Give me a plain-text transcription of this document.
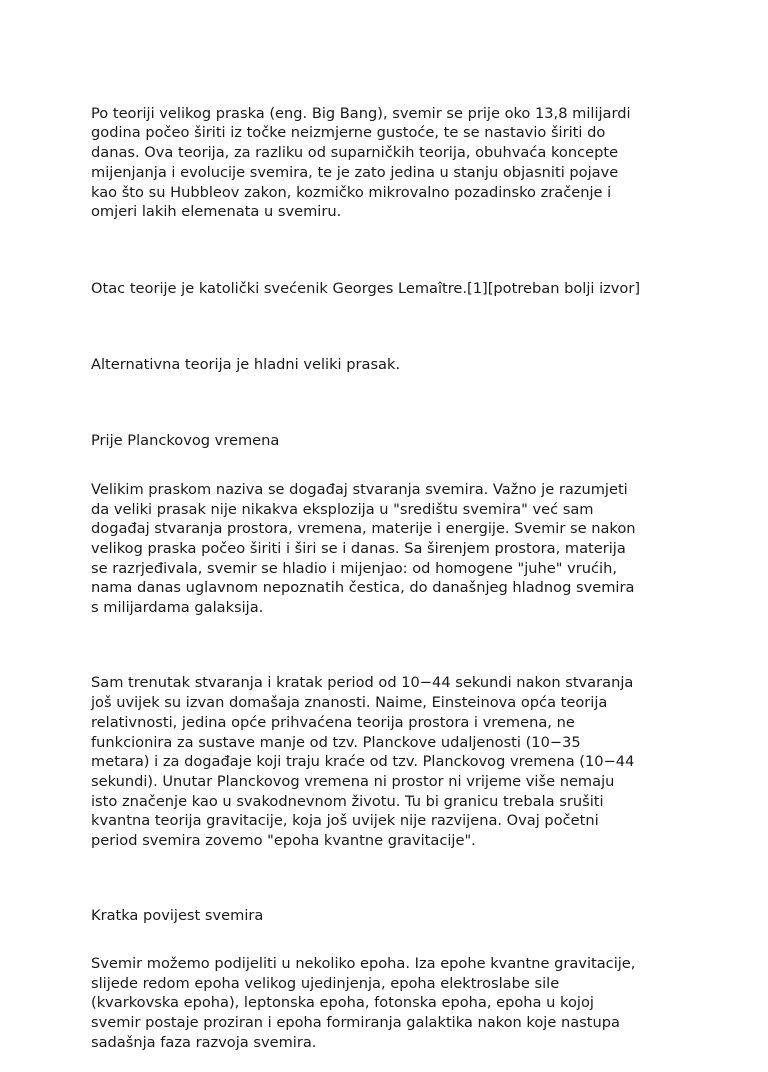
Po teoriji velikog praska (eng. Big Bang), svemir se prije oko 13,8 milijardi
godina počeo širiti iz točke neizmjerne gustoće, te se nastavio širiti do
danas. Ova teorija, za razliku od suparničkih teorija, obuhvaća koncepte
mijenjanja i evolucije svemira, te je zato jedina u stanju objasniti pojave
kao što su Hubbleov zakon, kozmičko mikrovalno pozadinsko zračenje i
omjeri lakih elemenata u svemiru.

Otac teorije je katolički svećenik Georges Lemaître.[1][potreban bolji izvor]

Alternativna teorija je hladni veliki prasak.

Prije Planckovog vremena

Velikim praskom naziva se događaj stvaranja svemira. Važno je razumjeti
da veliki prasak nije nikakva eksplozija u "središtu svemira" već sam
događaj stvaranja prostora, vremena, materije i energije. Svemir se nakon
velikog praska počeo širiti i širi se i danas. Sa širenjem prostora, materija
se razrjeđivala, svemir se hladio i mijenjao: od homogene "juhe" vrućih,
nama danas uglavnom nepoznatih čestica, do današnjeg hladnog svemira
s milijardama galaksija.

Sam trenutak stvaranja i kratak period od 10−44 sekundi nakon stvaranja
još uvijek su izvan domašaja znanosti. Naime, Einsteinova opća teorija
relativnosti, jedina opće prihvaćena teorija prostora i vremena, ne
funkcionira za sustave manje od tzv. Planckove udaljenosti (10−35
metara) i za događaje koji traju kraće od tzv. Planckovog vremena (10−44
sekundi). Unutar Planckovog vremena ni prostor ni vrijeme više nemaju
isto značenje kao u svakodnevnom životu. Tu bi granicu trebala srušiti
kvantna teorija gravitacije, koja još uvijek nije razvijena. Ovaj početni
period svemira zovemo "epoha kvantne gravitacije".

Kratka povijest svemira

Svemir možemo podijeliti u nekoliko epoha. Iza epohe kvantne gravitacije,
slijede redom epoha velikog ujedinjenja, epoha elektroslabe sile
(kvarkovska epoha), leptonska epoha, fotonska epoha, epoha u kojoj
svemir postaje proziran i epoha formiranja galaktika nakon koje nastupa
sadašnja faza razvoja svemira.
